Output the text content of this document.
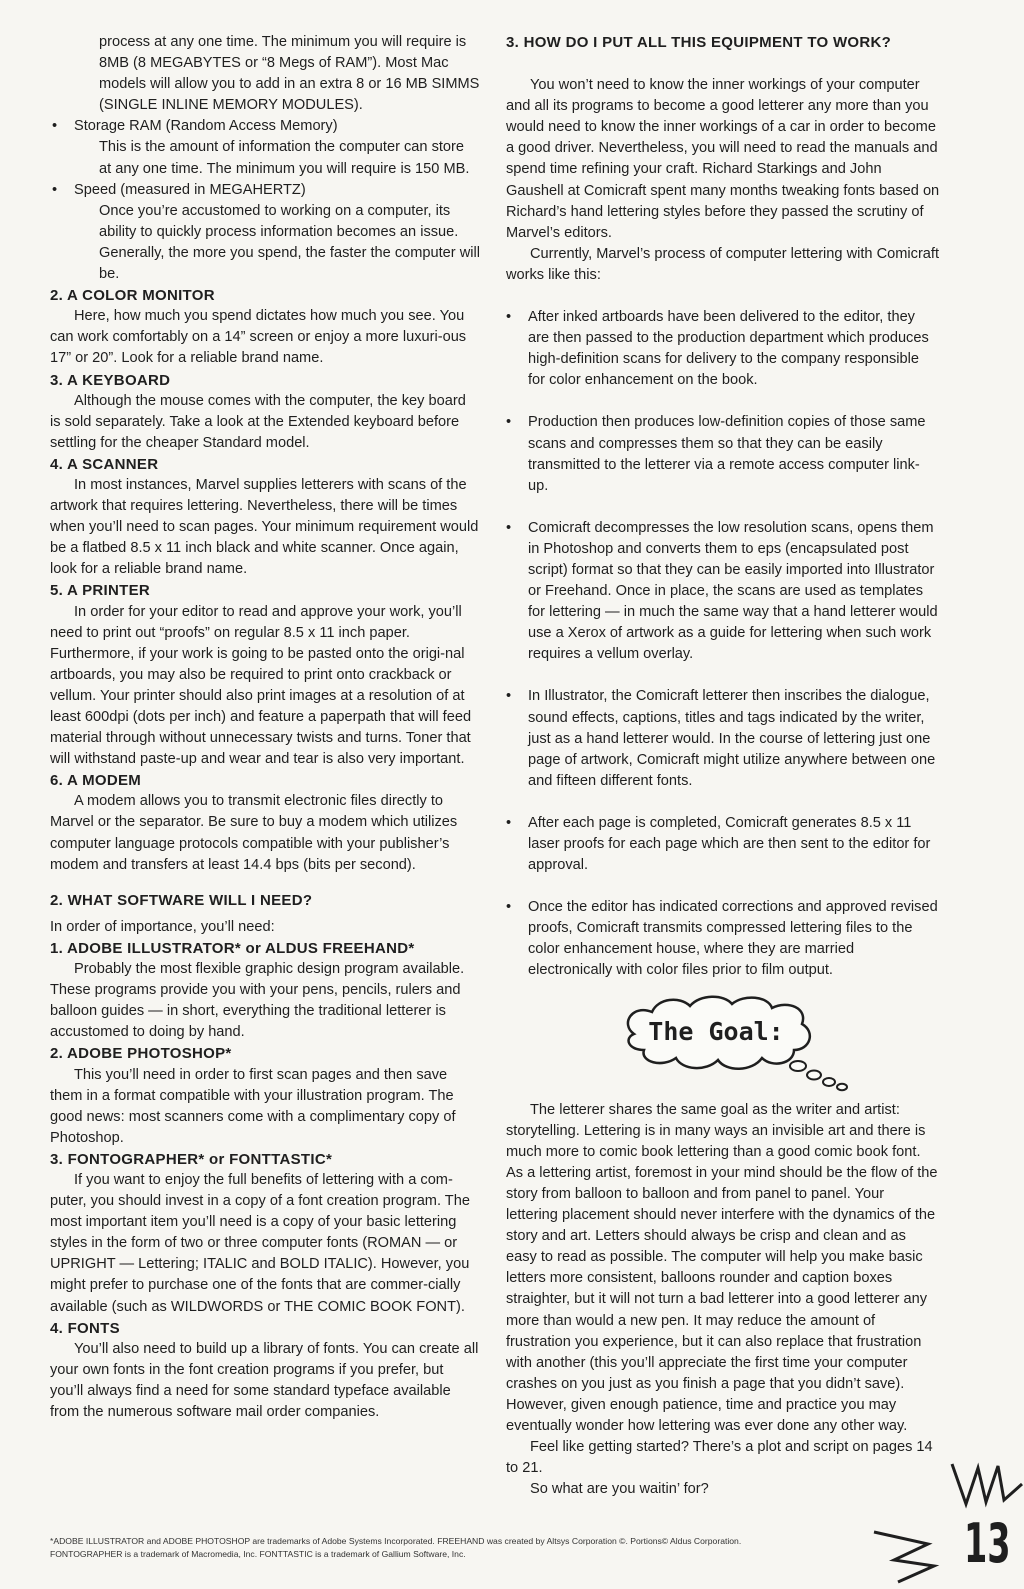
process at any one time. The minimum you will require is 8MB (8 MEGABYTES or “8 Megs of RAM”). Most Mac models will allow you to add in an extra 8 or 16 MB SIMMS (SINGLE INLINE MEMORY MODULES).

• Storage RAM (Random Access Memory)

This is the amount of information the computer can store at any one time. The minimum you will require is 150 MB.

• Speed (measured in MEGAHERTZ)

Once you’re accustomed to working on a computer, its ability to quickly process information becomes an issue. Generally, the more you spend, the faster the computer will be.

2. A COLOR MONITOR

Here, how much you spend dictates how much you see. You can work comfortably on a 14” screen or enjoy a more luxuri-ous 17” or 20”. Look for a reliable brand name.

3. A KEYBOARD

Although the mouse comes with the computer, the key board is sold separately. Take a look at the Extended keyboard before settling for the cheaper Standard model.

4. A SCANNER

In most instances, Marvel supplies letterers with scans of the artwork that requires lettering. Nevertheless, there will be times when you’ll need to scan pages. Your minimum requirement would be a flatbed 8.5 x 11 inch black and white scanner. Once again, look for a reliable brand name.

5. A PRINTER

In order for your editor to read and approve your work, you’ll need to print out “proofs” on regular 8.5 x 11 inch paper. Furthermore, if your work is going to be pasted onto the origi-nal artboards, you may also be required to print onto crackback or vellum. Your printer should also print images at a resolution of at least 600dpi (dots per inch) and feature a paperpath that will feed material through without unnecessary twists and turns. Toner that will withstand paste-up and wear and tear is also very important.

6. A MODEM

A modem allows you to transmit electronic files directly to Marvel or the separator. Be sure to buy a modem which utilizes computer language protocols compatible with your publisher’s modem and transfers at least 14.4 bps (bits per second).

2. WHAT SOFTWARE WILL I NEED?

In order of importance, you’ll need:

1. ADOBE ILLUSTRATOR* or ALDUS FREEHAND*

Probably the most flexible graphic design program available. These programs provide you with your pens, pencils, rulers and balloon guides — in short, everything the traditional letterer is accustomed to doing by hand.

2. ADOBE PHOTOSHOP*

This you’ll need in order to first scan pages and then save them in a format compatible with your illustration program. The good news: most scanners come with a complimentary copy of Photoshop.

3. FONTOGRAPHER* or FONTTASTIC*

If you want to enjoy the full benefits of lettering with a com-puter, you should invest in a copy of a font creation program. The most important item you’ll need is a copy of your basic lettering styles in the form of two or three computer fonts (ROMAN — or UPRIGHT — Lettering; ITALIC and BOLD ITALIC). However, you might prefer to purchase one of the fonts that are commer-cially available (such as WILDWORDS or THE COMIC BOOK FONT).

4. FONTS

You’ll also need to build up a library of fonts. You can create all your own fonts in the font creation programs if you prefer, but you’ll always find a need for some standard typeface available from the numerous software mail order companies.

3. HOW DO I PUT ALL THIS EQUIPMENT TO WORK?

You won’t need to know the inner workings of your computer and all its programs to become a good letterer any more than you would need to know the inner workings of a car in order to become a good driver. Nevertheless, you will need to read the manuals and spend time refining your craft. Richard Starkings and John Gaushell at Comicraft spent many months tweaking fonts based on Richard’s hand lettering styles before they passed the scrutiny of Marvel’s editors.

Currently, Marvel’s process of computer lettering with Comicraft works like this:

• After inked artboards have been delivered to the editor, they are then passed to the production department which produces high-definition scans for delivery to the company responsible for color enhancement on the book.

• Production then produces low-definition copies of those same scans and compresses them so that they can be easily transmitted to the letterer via a remote access computer link-up.

• Comicraft decompresses the low resolution scans, opens them in Photoshop and converts them to eps (encapsulated post script) format so that they can be easily imported into Illustrator or Freehand. Once in place, the scans are used as templates for lettering — in much the same way that a hand letterer would use a Xerox of artwork as a guide for lettering when such work requires a vellum overlay.

• In Illustrator, the Comicraft letterer then inscribes the dialogue, sound effects, captions, titles and tags indicated by the writer, just as a hand letterer would. In the course of lettering just one page of artwork, Comicraft might utilize anywhere between one and fifteen different fonts.

• After each page is completed, Comicraft generates 8.5 x 11 laser proofs for each page which are then sent to the editor for approval.

• Once the editor has indicated corrections and approved revised proofs, Comicraft transmits compressed lettering files to the color enhancement house, where they are married electronically with color files prior to film output.

The Goal:

The letterer shares the same goal as the writer and artist: storytelling. Lettering is in many ways an invisible art and there is much more to comic book lettering than a good comic book font. As a lettering artist, foremost in your mind should be the flow of the story from balloon to balloon and from panel to panel. Your lettering placement should never interfere with the dynamics of the story and art. Letters should always be crisp and clean and as easy to read as possible. The computer will help you make basic letters more consistent, balloons rounder and caption boxes straighter, but it will not turn a bad letterer into a good letterer any more than would a new pen. It may reduce the amount of frustration you experience, but it can also replace that frustration with another (this you’ll appreciate the first time your computer crashes on you just as you finish a page that you didn’t save). However, given enough patience, time and practice you may eventually wonder how lettering was ever done any other way.

Feel like getting started? There’s a plot and script on pages 14 to 21.

So what are you waitin’ for?

*ADOBE ILLUSTRATOR and ADOBE PHOTOSHOP are trademarks of Adobe Systems Incorporated. FREEHAND was created by Altsys Corporation ©. Portions© Aldus Corporation.
FONTOGRAPHER is a trademark of Macromedia, Inc. FONTTASTIC is a trademark of Gallium Software, Inc.	13
